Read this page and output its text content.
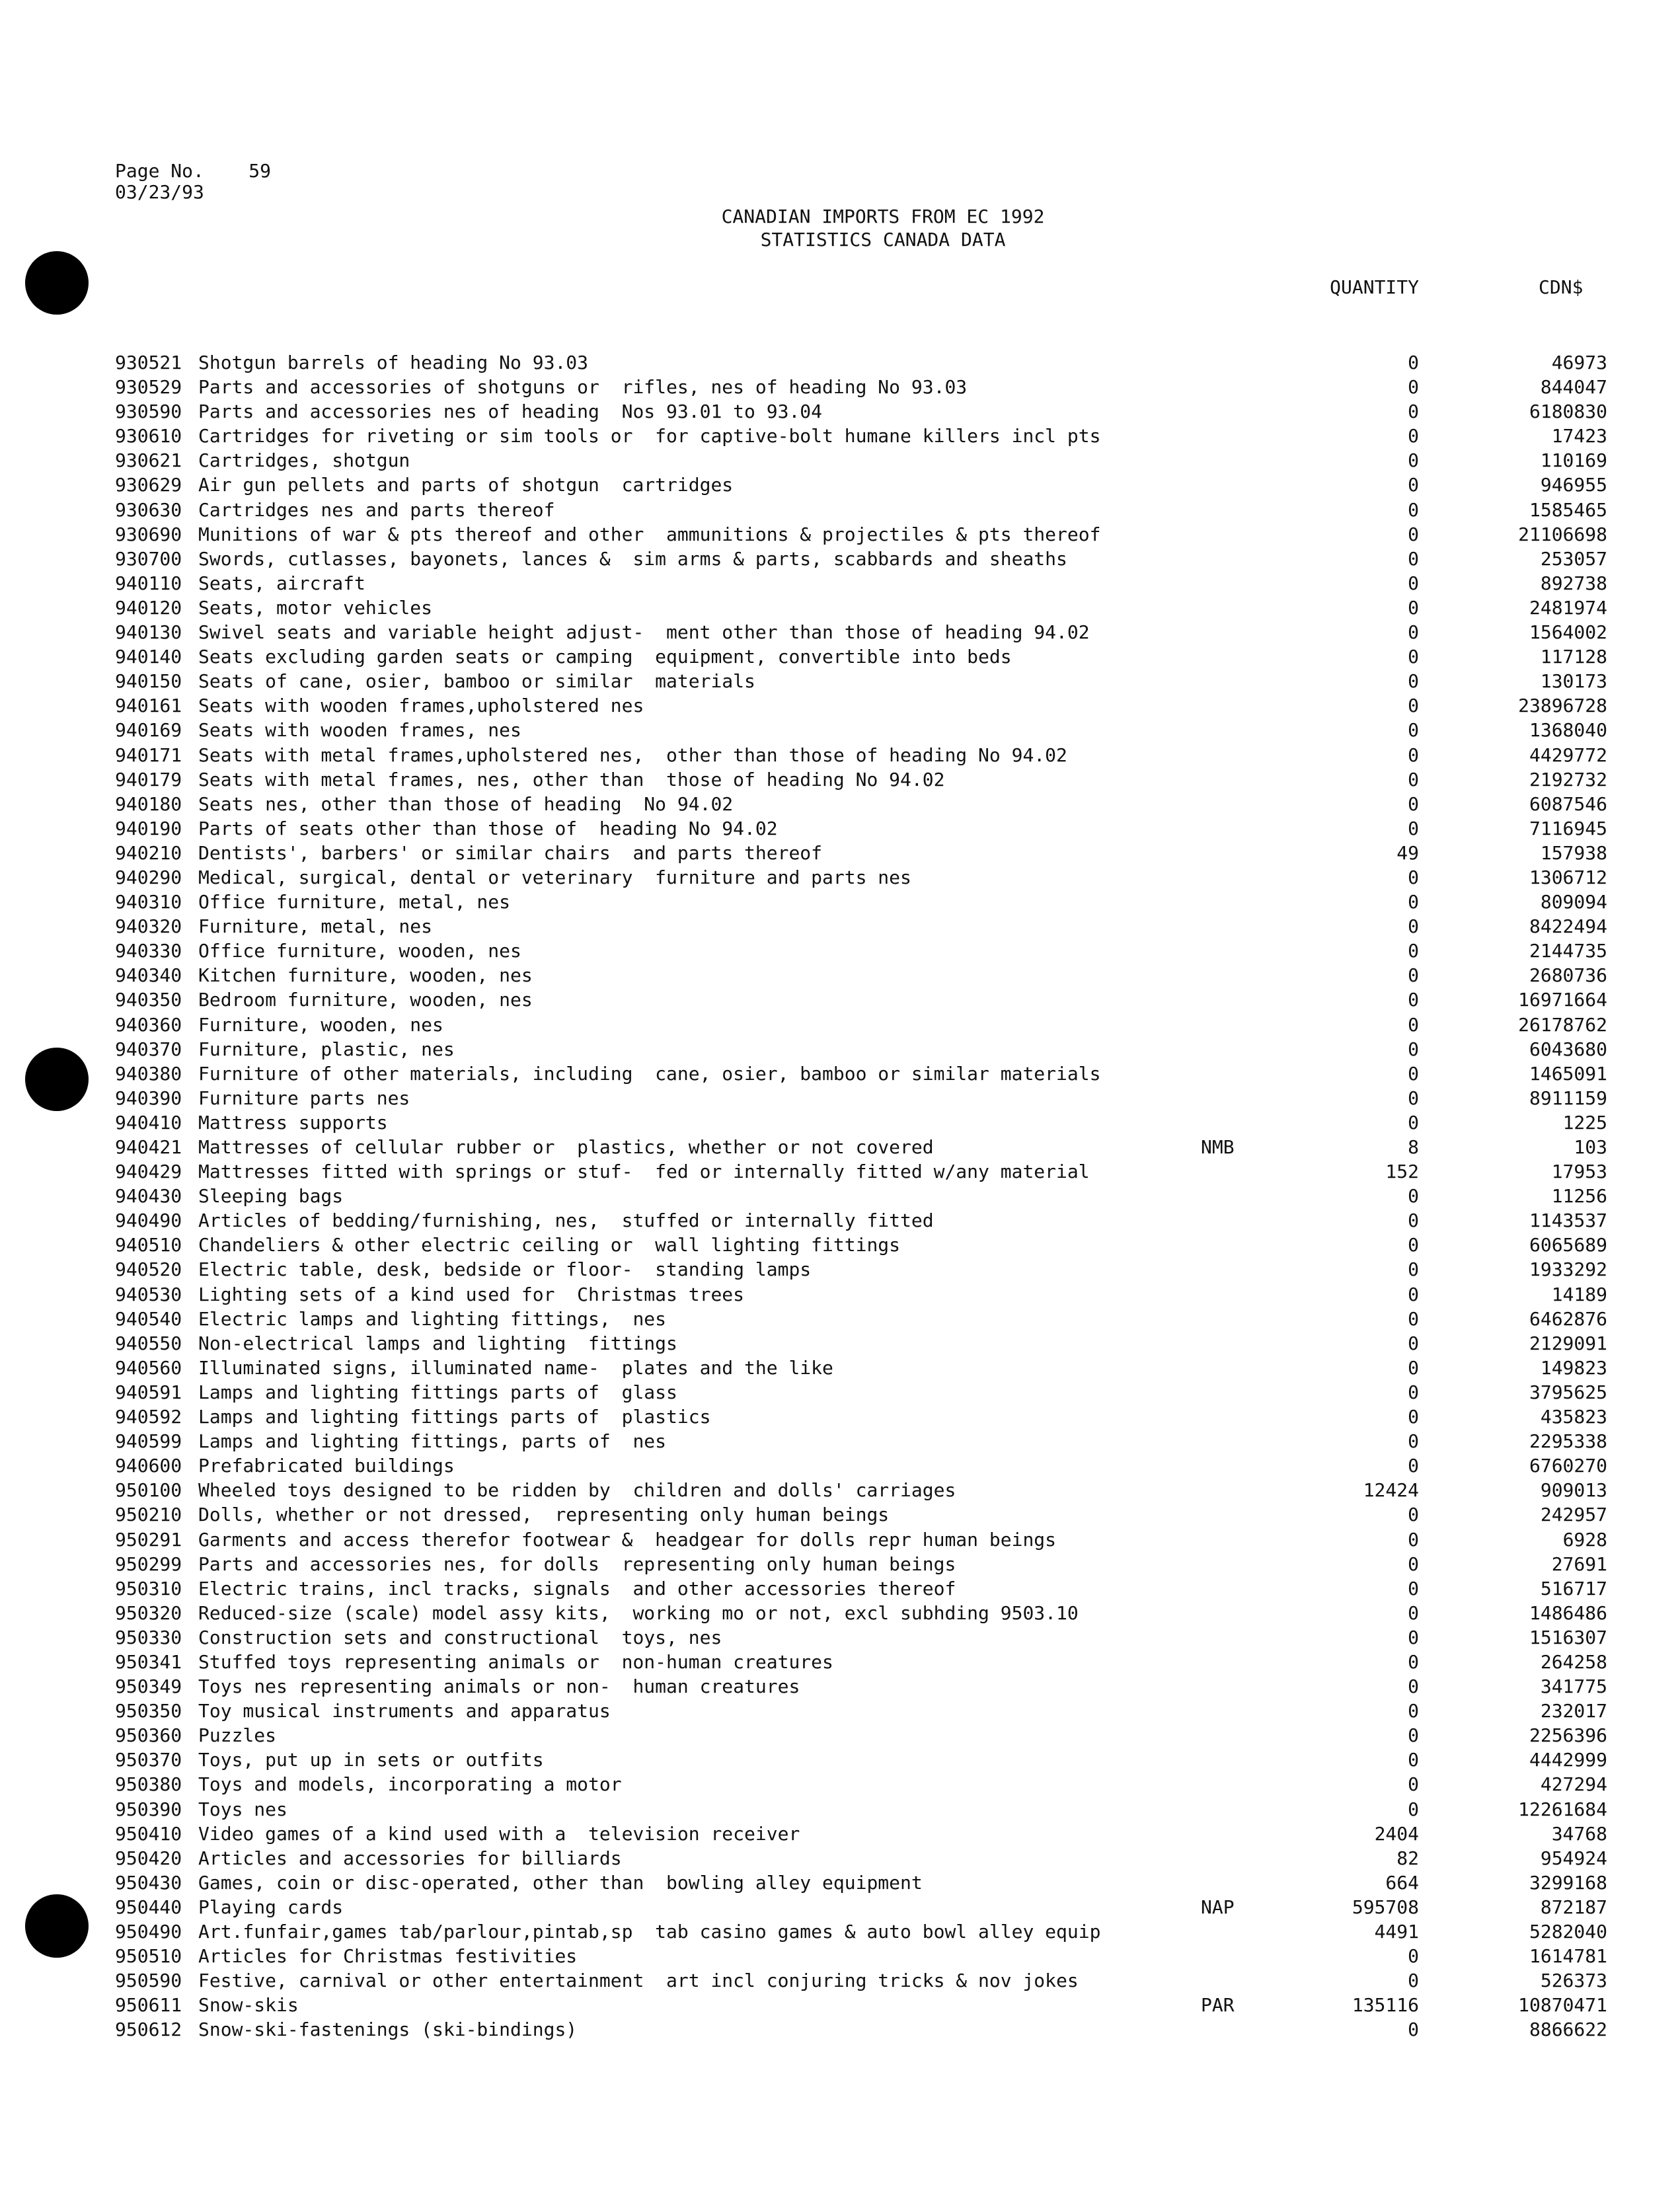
Page No. 59
03/23/93
CANADIAN IMPORTS FROM EC 1992
STATISTICS CANADA DATA
QUANTITY	CDN$
930521 Shotgun barrels of heading No 93.03	0	46973
930529 Parts and accessories of shotguns or  rifles, nes of heading No 93.03	0	844047
930590 Parts and accessories nes of heading  Nos 93.01 to 93.04	0	6180830
930610 Cartridges for riveting or sim tools or  for captive-bolt humane killers incl pts	0	17423
930621 Cartridges, shotgun	0	110169
930629 Air gun pellets and parts of shotgun  cartridges	0	946955
930630 Cartridges nes and parts thereof	0	1585465
930690 Munitions of war & pts thereof and other  ammunitions & projectiles & pts thereof	0	21106698
930700 Swords, cutlasses, bayonets, lances &  sim arms & parts, scabbards and sheaths	0	253057
940110 Seats, aircraft	0	892738
940120 Seats, motor vehicles	0	2481974
940130 Swivel seats and variable height adjust-  ment other than those of heading 94.02	0	1564002
940140 Seats excluding garden seats or camping  equipment, convertible into beds	0	117128
940150 Seats of cane, osier, bamboo or similar  materials	0	130173
940161 Seats with wooden frames,upholstered nes	0	23896728
940169 Seats with wooden frames, nes	0	1368040
940171 Seats with metal frames,upholstered nes,  other than those of heading No 94.02	0	4429772
940179 Seats with metal frames, nes, other than  those of heading No 94.02	0	2192732
940180 Seats nes, other than those of heading  No 94.02	0	6087546
940190 Parts of seats other than those of  heading No 94.02	0	7116945
940210 Dentists', barbers' or similar chairs  and parts thereof	49	157938
940290 Medical, surgical, dental or veterinary  furniture and parts nes	0	1306712
940310 Office furniture, metal, nes	0	809094
940320 Furniture, metal, nes	0	8422494
940330 Office furniture, wooden, nes	0	2144735
940340 Kitchen furniture, wooden, nes	0	2680736
940350 Bedroom furniture, wooden, nes	0	16971664
940360 Furniture, wooden, nes	0	26178762
940370 Furniture, plastic, nes	0	6043680
940380 Furniture of other materials, including  cane, osier, bamboo or similar materials	0	1465091
940390 Furniture parts nes	0	8911159
940410 Mattress supports	0	1225
940421 Mattresses of cellular rubber or  plastics, whether or not covered	NMB	8	103
940429 Mattresses fitted with springs or stuf-  fed or internally fitted w/any material	152	17953
940430 Sleeping bags	0	11256
940490 Articles of bedding/furnishing, nes,  stuffed or internally fitted	0	1143537
940510 Chandeliers & other electric ceiling or  wall lighting fittings	0	6065689
940520 Electric table, desk, bedside or floor-  standing lamps	0	1933292
940530 Lighting sets of a kind used for  Christmas trees	0	14189
940540 Electric lamps and lighting fittings,  nes	0	6462876
940550 Non-electrical lamps and lighting  fittings	0	2129091
940560 Illuminated signs, illuminated name-  plates and the like	0	149823
940591 Lamps and lighting fittings parts of  glass	0	3795625
940592 Lamps and lighting fittings parts of  plastics	0	435823
940599 Lamps and lighting fittings, parts of  nes	0	2295338
940600 Prefabricated buildings	0	6760270
950100 Wheeled toys designed to be ridden by  children and dolls' carriages	12424	909013
950210 Dolls, whether or not dressed,  representing only human beings	0	242957
950291 Garments and access therefor footwear &  headgear for dolls repr human beings	0	6928
950299 Parts and accessories nes, for dolls  representing only human beings	0	27691
950310 Electric trains, incl tracks, signals  and other accessories thereof	0	516717
950320 Reduced-size (scale) model assy kits,  working mo or not, excl subhding 9503.10	0	1486486
950330 Construction sets and constructional  toys, nes	0	1516307
950341 Stuffed toys representing animals or  non-human creatures	0	264258
950349 Toys nes representing animals or non-  human creatures	0	341775
950350 Toy musical instruments and apparatus	0	232017
950360 Puzzles	0	2256396
950370 Toys, put up in sets or outfits	0	4442999
950380 Toys and models, incorporating a motor	0	427294
950390 Toys nes	0	12261684
950410 Video games of a kind used with a  television receiver	2404	34768
950420 Articles and accessories for billiards	82	954924
950430 Games, coin or disc-operated, other than  bowling alley equipment	664	3299168
950440 Playing cards	NAP	595708	872187
950490 Art.funfair,games tab/parlour,pintab,sp  tab casino games & auto bowl alley equip	4491	5282040
950510 Articles for Christmas festivities	0	1614781
950590 Festive, carnival or other entertainment  art incl conjuring tricks & nov jokes	0	526373
950611 Snow-skis	PAR	135116	10870471
950612 Snow-ski-fastenings (ski-bindings)	0	8866622
